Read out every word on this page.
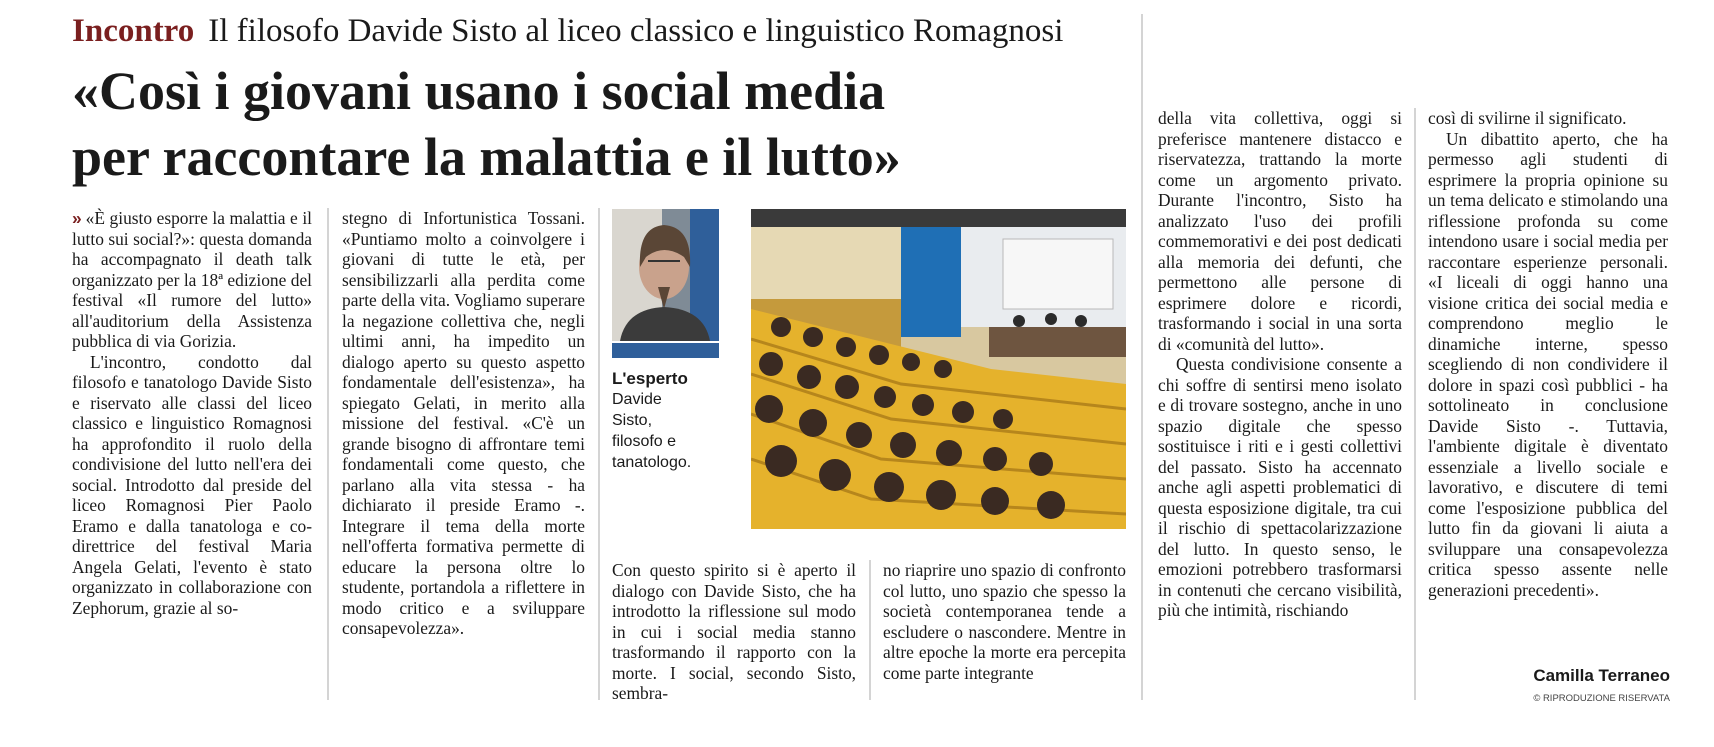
Incontro Il filosofo Davide Sisto al liceo classico e linguistico Romagnosi
«Così i giovani usano i social media
per raccontare la malattia e il lutto»

» «È giusto esporre la malattia e il lutto sui social?»: questa domanda ha accompagnato il death talk organizzato per la 18ª edizione del festival «Il rumore del lutto» all'auditorium della Assistenza pubblica di via Gorizia.

L'incontro, condotto dal filosofo e tanatologo Davide Sisto e riservato alle classi del liceo classico e linguistico Romagnosi ha approfondito il ruolo della condivisione del lutto nell'era dei social. Introdotto dal preside del liceo Romagnosi Pier Paolo Eramo e dalla tanatologa e co-direttrice del festival Maria Angela Gelati, l'evento è stato organizzato in collaborazione con Zephorum, grazie al so-

stegno di Infortunistica Tossani. «Puntiamo molto a coinvolgere i giovani di tutte le età, per sensibilizzarli alla perdita come parte della vita. Vogliamo superare la negazione collettiva che, negli ultimi anni, ha impedito un dialogo aperto su questo aspetto fondamentale dell'esistenza», ha spiegato Gelati, in merito alla missione del festival. «C'è un grande bisogno di affrontare temi fondamentali come questo, che parlano alla vita stessa - ha dichiarato il preside Eramo -. Integrare il tema della morte nell'offerta formativa permette di educare la persona oltre lo studente, portandola a riflettere in modo critico e a sviluppare consapevolezza».

L'esperto
Davide
Sisto,
filosofo e
tanatologo.

Con questo spirito si è aperto il dialogo con Davide Sisto, che ha introdotto la riflessione sul modo in cui i social media stanno trasformando il rapporto con la morte. I social, secondo Sisto, sembra-

no riaprire uno spazio di confronto col lutto, uno spazio che spesso la società contemporanea tende a escludere o nascondere. Mentre in altre epoche la morte era percepita come parte integrante

della vita collettiva, oggi si preferisce mantenere distacco e riservatezza, trattando la morte come un argomento privato. Durante l'incontro, Sisto ha analizzato l'uso dei profili commemorativi e dei post dedicati alla memoria dei defunti, che permettono alle persone di esprimere dolore e ricordi, trasformando i social in una sorta di «comunità del lutto».

Questa condivisione consente a chi soffre di sentirsi meno isolato e di trovare sostegno, anche in uno spazio digitale che spesso sostituisce i riti e i gesti collettivi del passato. Sisto ha accennato anche agli aspetti problematici di questa esposizione digitale, tra cui il rischio di spettacolarizzazione del lutto. In questo senso, le emozioni potrebbero trasformarsi in contenuti che cercano visibilità, più che intimità, rischiando

così di svilirne il significato.

Un dibattito aperto, che ha permesso agli studenti di esprimere la propria opinione su un tema delicato e stimolando una riflessione profonda su come intendono usare i social media per raccontare esperienze personali. «I liceali di oggi hanno una visione critica dei social media e comprendono meglio le dinamiche interne, spesso scegliendo di non condividere il dolore in spazi così pubblici - ha sottolineato in conclusione Davide Sisto -. Tuttavia, l'ambiente digitale è diventato essenziale a livello sociale e lavorativo, e discutere di temi come l'esposizione pubblica del lutto fin da giovani li aiuta a sviluppare una consapevolezza critica spesso assente nelle generazioni precedenti».

Camilla Terraneo
© RIPRODUZIONE RISERVATA
